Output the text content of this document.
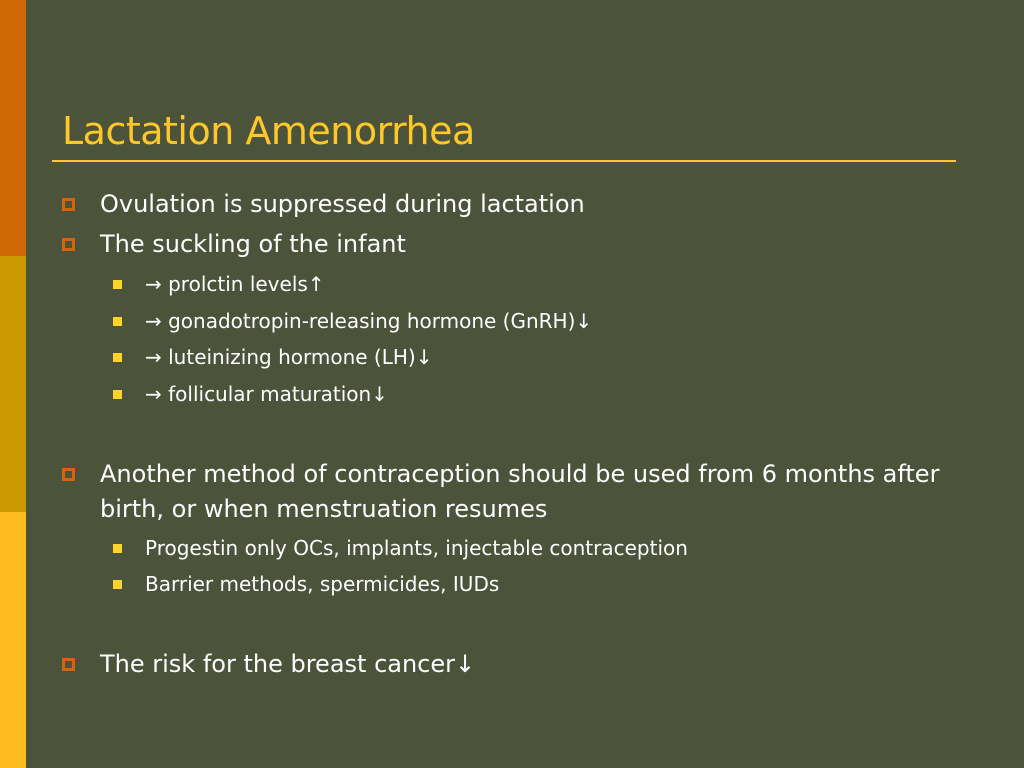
Lactation Amenorrhea
Ovulation is suppressed during lactation
The suckling of the infant
→ prolctin levels↑
→ gonadotropin-releasing hormone (GnRH)↓
→ luteinizing hormone (LH)↓
→ follicular maturation↓
Another method of contraception should be used from 6 months after birth, or when menstruation resumes
Progestin only OCs, implants, injectable contraception
Barrier methods, spermicides, IUDs
The risk for the breast cancer↓
